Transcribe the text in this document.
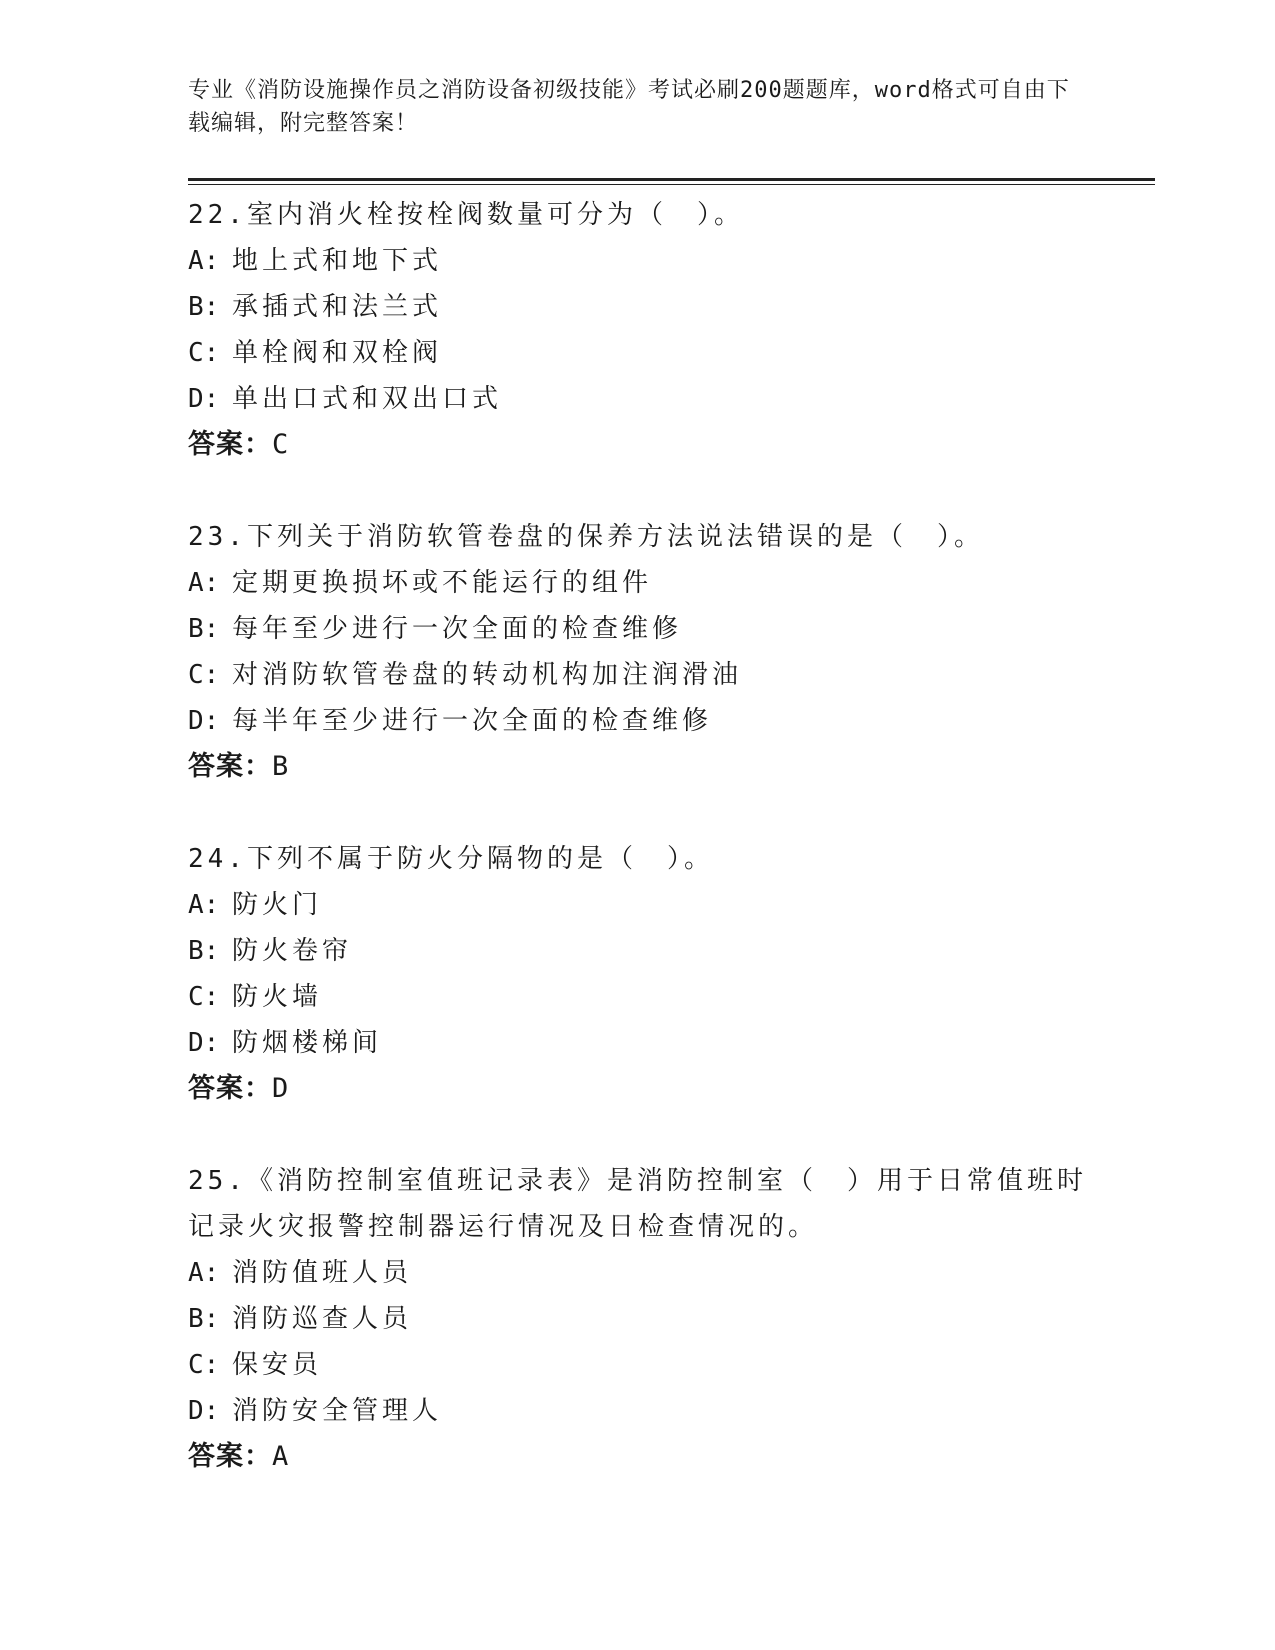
专业《消防设施操作员之消防设备初级技能》考试必刷200题题库，word格式可自由下载编辑，附完整答案！
22.室内消火栓按栓阀数量可分为（　）。
A: 地上式和地下式
B: 承插式和法兰式
C: 单栓阀和双栓阀
D: 单出口式和双出口式
答案：C
23.下列关于消防软管卷盘的保养方法说法错误的是（　）。
A: 定期更换损坏或不能运行的组件
B: 每年至少进行一次全面的检查维修
C: 对消防软管卷盘的转动机构加注润滑油
D: 每半年至少进行一次全面的检查维修
答案：B
24.下列不属于防火分隔物的是（　）。
A: 防火门
B: 防火卷帘
C: 防火墙
D: 防烟楼梯间
答案：D
25.《消防控制室值班记录表》是消防控制室（　）用于日常值班时记录火灾报警控制器运行情况及日检查情况的。
A: 消防值班人员
B: 消防巡查人员
C: 保安员
D: 消防安全管理人
答案：A
